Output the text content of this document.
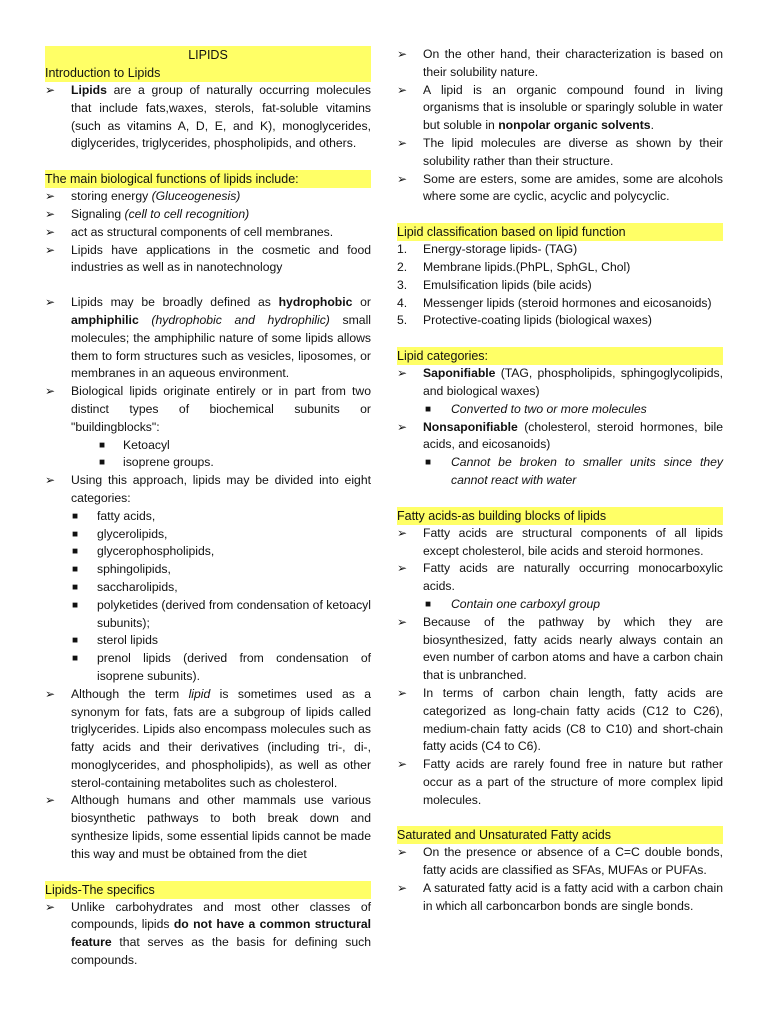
LIPIDS
Introduction to Lipids

➢ Lipids are a group of naturally occurring molecules that include fats,waxes, sterols, fat-soluble vitamins (such as vitamins A, D, E, and K), monoglycerides, diglycerides, triglycerides, phospholipids, and others.

The main biological functions of lipids include:

➢ storing energy (Gluceogenesis)

➢ Signaling (cell to cell recognition)

➢ act as structural components of cell membranes.

➢ Lipids have applications in the cosmetic and food industries as well as in nanotechnology

➢ Lipids may be broadly defined as hydrophobic or amphiphilic (hydrophobic and hydrophilic) small molecules; the amphiphilic nature of some lipids allows them to form structures such as vesicles, liposomes, or membranes in an aqueous environment.

➢ Biological lipids originate entirely or in part from two distinct types of biochemical subunits or "buildingblocks":

■ Ketoacyl

■ isoprene groups.

➢ Using this approach, lipids may be divided into eight categories:

■ fatty acids,

■ glycerolipids,

■ glycerophospholipids,

■ sphingolipids,

■ saccharolipids,

■ polyketides (derived from condensation of ketoacyl subunits);

■ sterol lipids

■ prenol lipids (derived from condensation of isoprene subunits).

➢ Although the term lipid is sometimes used as a synonym for fats, fats are a subgroup of lipids called triglycerides. Lipids also encompass molecules such as fatty acids and their derivatives (including tri-, di-, monoglycerides, and phospholipids), as well as other sterol-containing metabolites such as cholesterol.

➢ Although humans and other mammals use various biosynthetic pathways to both break down and synthesize lipids, some essential lipids cannot be made this way and must be obtained from the diet

Lipids-The specifics

➢ Unlike carbohydrates and most other classes of compounds, lipids do not have a common structural feature that serves as the basis for defining such compounds.

➢ On the other hand, their characterization is based on their solubility nature.

➢ A lipid is an organic compound found in living organisms that is insoluble or sparingly soluble in water but soluble in nonpolar organic solvents.

➢ The lipid molecules are diverse as shown by their solubility rather than their structure.

➢ Some are esters, some are amides, some are alcohols where some are cyclic, acyclic and polycyclic.

Lipid classification based on lipid function

1. Energy-storage lipids- (TAG)

2. Membrane lipids.(PhPL, SphGL, Chol)

3. Emulsification lipids (bile acids)

4. Messenger lipids (steroid hormones and eicosanoids)

5. Protective-coating lipids (biological waxes)

Lipid categories:

➢ Saponifiable (TAG, phospholipids, sphingoglycolipids, and biological waxes)

■ Converted to two or more molecules

➢ Nonsaponifiable (cholesterol, steroid hormones, bile acids, and eicosanoids)

■ Cannot be broken to smaller units since they cannot react with water

Fatty acids-as building blocks of lipids

➢ Fatty acids are structural components of all lipids except cholesterol, bile acids and steroid hormones.

➢ Fatty acids are naturally occurring monocarboxylic acids.

■ Contain one carboxyl group

➢ Because of the pathway by which they are biosynthesized, fatty acids nearly always contain an even number of carbon atoms and have a carbon chain that is unbranched.

➢ In terms of carbon chain length, fatty acids are categorized as long-chain fatty acids (C12 to C26), medium-chain fatty acids (C8 to C10) and short-chain fatty acids (C4 to C6).

➢ Fatty acids are rarely found free in nature but rather occur as a part of the structure of more complex lipid molecules.

Saturated and Unsaturated Fatty acids

➢ On the presence or absence of a C=C double bonds, fatty acids are classified as SFAs, MUFAs or PUFAs.

➢ A saturated fatty acid is a fatty acid with a carbon chain in which all carboncarbon bonds are single bonds.
